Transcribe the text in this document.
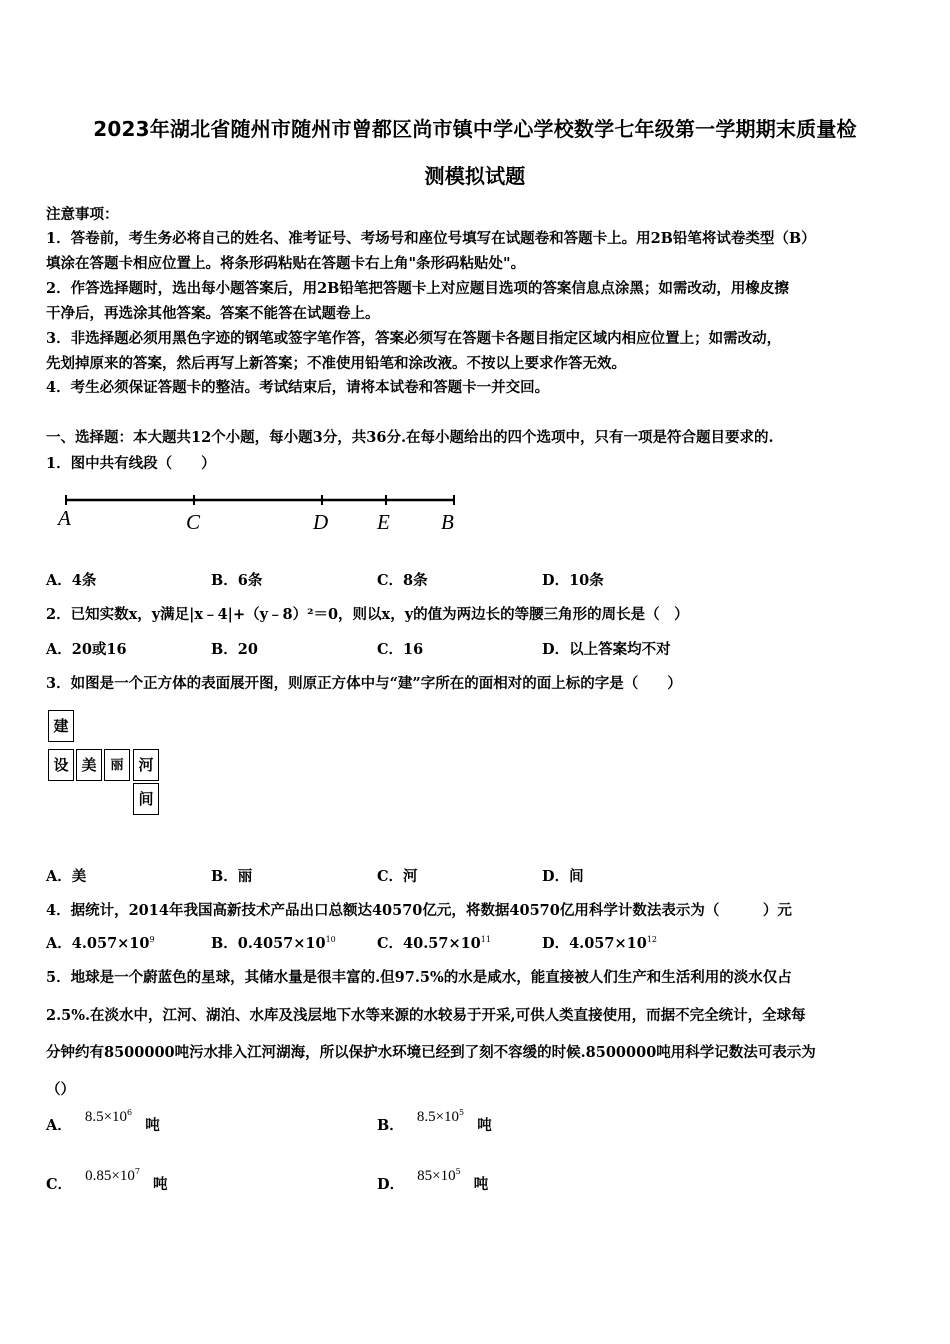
2023年湖北省随州市随州市曾都区尚市镇中学心学校数学七年级第一学期期末质量检
测模拟试题
注意事项：
1．答卷前，考生务必将自己的姓名、准考证号、考场号和座位号填写在试题卷和答题卡上。用2B铅笔将试卷类型（B）
填涂在答题卡相应位置上。将条形码粘贴在答题卡右上角"条形码粘贴处"。
2．作答选择题时，选出每小题答案后，用2B铅笔把答题卡上对应题目选项的答案信息点涂黑；如需改动，用橡皮擦
干净后，再选涂其他答案。答案不能答在试题卷上。
3．非选择题必须用黑色字迹的钢笔或签字笔作答，答案必须写在答题卡各题目指定区域内相应位置上；如需改动，
先划掉原来的答案，然后再写上新答案；不准使用铅笔和涂改液。不按以上要求作答无效。
4．考生必须保证答题卡的整洁。考试结束后，请将本试卷和答题卡一并交回。
一、选择题：本大题共12个小题，每小题3分，共36分.在每小题给出的四个选项中，只有一项是符合题目要求的.
1．图中共有线段（　　）
A	C	D E B
A．4条	B．6条	C．8条	D．10条
2．已知实数x，y满足|x﹣4|+（y﹣8）²＝0，则以x，y的值为两边长的等腰三角形的周长是（　）
A．20或16	B．20	C．16	D．以上答案均不对
3．如图是一个正方体的表面展开图，则原正方体中与“建”字所在的面相对的面上标的字是（　　）
建
设 美	丽 河
间
A．美	B．丽	C．河	D．间
4．据统计，2014年我国高新技术产品出口总额达40570亿元，将数据40570亿用科学计数法表示为（　　　）元
A．$4.057\times 10^9$	B．$0.4057\times 10^{10}$	C．$40.57\times 10^{11}$	D．$4.057\times 10^{12}$
5．地球是一个蔚蓝色的星球，其储水量是很丰富的.但97.5%的水是咸水，能直接被人们生产和生活利用的淡水仅占
2.5%.在淡水中，江河、湖泊、水库及浅层地下水等来源的水较易于开采,可供人类直接使用，而据不完全统计，全球每
分钟约有8500000吨污水排入江河湖海，所以保护水环境已经到了刻不容缓的时候.8500000吨用科学记数法可表示为
（）
A． $8.5\times 10^6$ 吨	B． $8.5\times 10^5$ 吨
C． $0.85\times 10^7$ 吨	D． $85\times 10^5$ 吨
